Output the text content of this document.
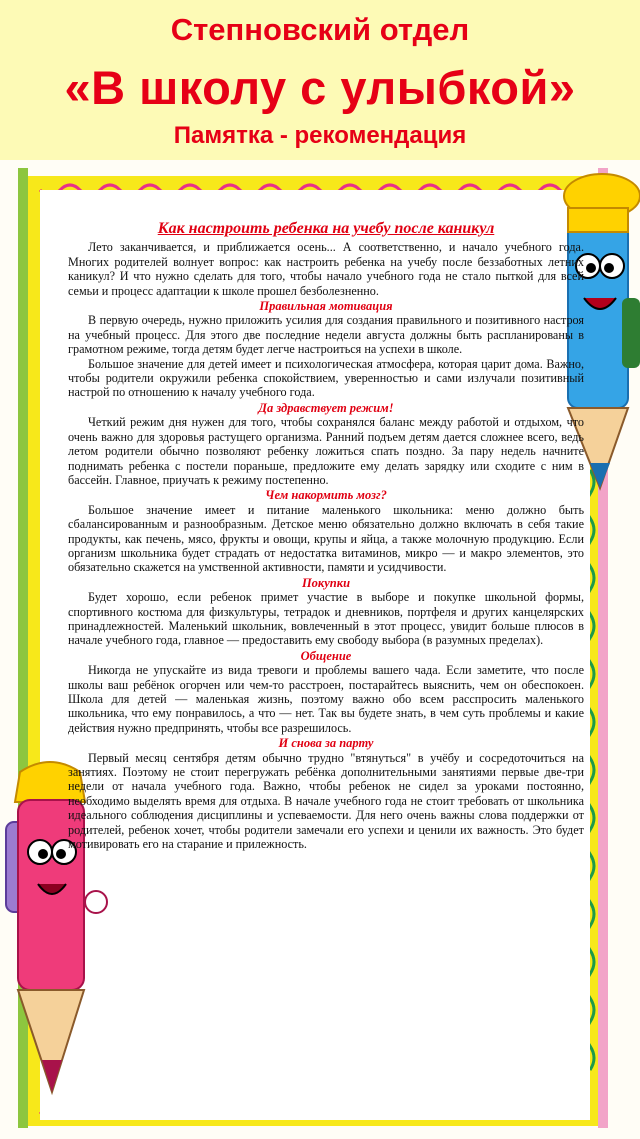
Степновский отдел

«В школу с улыбкой»

Памятка - рекомендация

Как настроить ребенка на учебу после каникул

Лето заканчивается, и приближается осень... А соответственно, и начало учебного года. Многих родителей волнует вопрос: как настроить ребенка на учебу после беззаботных летних каникул? И что нужно сделать для того, чтобы начало учебного года не стало пыткой для всей семьи и процесс адаптации к школе прошел безболезненно.

Правильная мотивация

В первую очередь, нужно приложить усилия для создания правильного и позитивного настроя на учебный процесс. Для этого две последние недели августа должны быть распланированы в грамотном режиме, тогда детям будет легче настроиться на успехи в школе.

Большое значение для детей имеет и психологическая атмосфера, которая царит дома. Важно, чтобы родители окружили ребенка спокойствием, уверенностью и сами излучали позитивный настрой по отношению к началу учебного года.

Да здравствует режим!

Четкий режим дня нужен для того, чтобы сохранялся баланс между работой и отдыхом, что очень важно для здоровья растущего организма. Ранний подъем детям дается сложнее всего, ведь летом родители обычно позволяют ребенку ложиться спать поздно. За пару недель начните поднимать ребенка с постели пораньше, предложите ему делать зарядку или сходите с ним в бассейн. Главное, приучать к режиму постепенно.

Чем накормить мозг?

Большое значение имеет и питание маленького школьника: меню должно быть сбалансированным и разнообразным. Детское меню обязательно должно включать в себя такие продукты, как печень, мясо, фрукты и овощи, крупы и яйца, а также молочную продукцию. Если организм школьника будет страдать от недостатка витаминов, микро — и макро элементов, это обязательно скажется на умственной активности, памяти и усидчивости.

Покупки

Будет хорошо, если ребенок примет участие в выборе и покупке школьной формы, спортивного костюма для физкультуры, тетрадок и дневников, портфеля и других канцелярских принадлежностей. Маленький школьник, вовлеченный в этот процесс, увидит больше плюсов в начале учебного года, главное — предоставить ему свободу выбора (в разумных пределах).

Общение

Никогда не упускайте из вида тревоги и проблемы вашего чада. Если заметите, что после школы ваш ребёнок огорчен или чем-то расстроен, постарайтесь выяснить, чем он обеспокоен. Школа для детей — маленькая жизнь, поэтому важно обо всем расспросить маленького школьника, что ему понравилось, а что — нет. Так вы будете знать, в чем суть проблемы и какие действия нужно предпринять, чтобы все разрешилось.

И снова за парту

Первый месяц сентября детям обычно трудно "втянуться" в учёбу и сосредоточиться на занятиях. Поэтому не стоит перегружать ребёнка дополнительными занятиями первые две-три недели от начала учебного года. Важно, чтобы ребенок не сидел за уроками постоянно, необходимо выделять время для отдыха. В начале учебного года не стоит требовать от школьника идеального соблюдения дисциплины и успеваемости. Для него очень важны слова поддержки от родителей, ребенок хочет, чтобы родители замечали его успехи и ценили их важность. Это будет мотивировать его на старание и прилежность.
